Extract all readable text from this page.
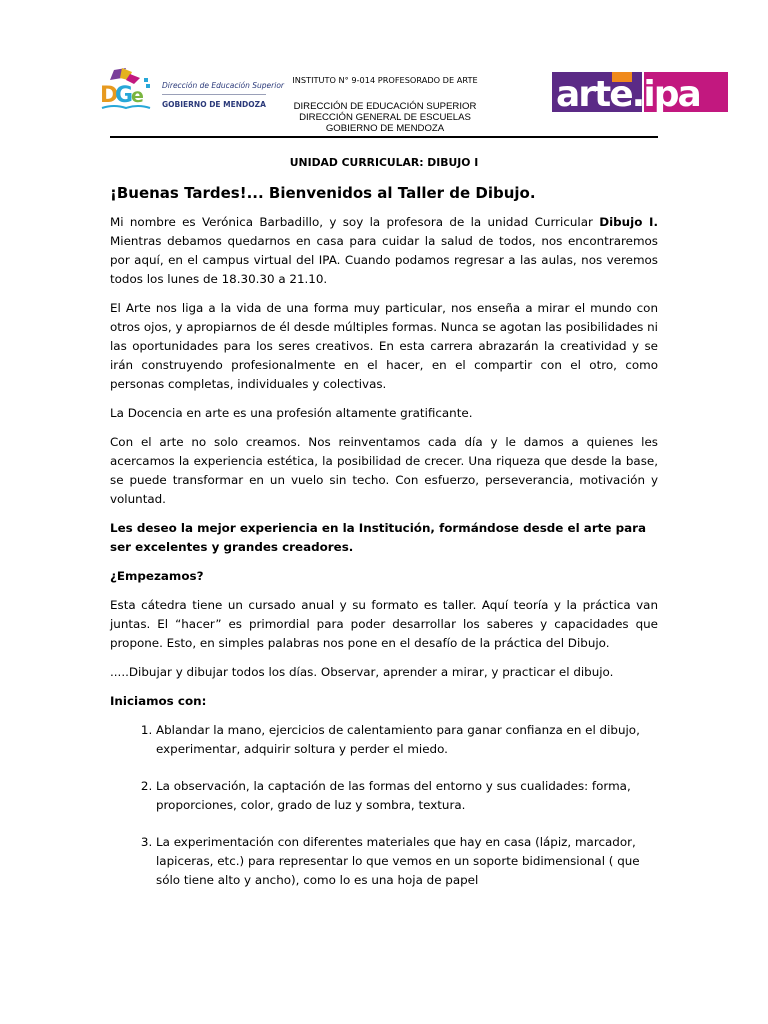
D
G
e Dirección de Educación Superior
GOBIERNO DE MENDOZA
INSTITUTO N° 9-014 PROFESORADO DE ARTE
DIRECCIÓN DE EDUCACIÓN SUPERIOR
DIRECCIÓN GENERAL DE ESCUELAS
GOBIERNO DE MENDOZA
arte.ipa

UNIDAD CURRICULAR: DIBUJO I

¡Buenas Tardes!... Bienvenidos al Taller de Dibujo.

Mi nombre es Verónica Barbadillo, y soy la profesora de la unidad Curricular Dibujo I. Mientras debamos quedarnos en casa para cuidar la salud de todos, nos encontraremos por aquí, en el campus virtual del IPA. Cuando podamos regresar a las aulas, nos veremos todos los lunes de 18.30.30 a 21.10.

El Arte nos liga a la vida de una forma muy particular, nos enseña a mirar el mundo con otros ojos, y apropiarnos de él desde múltiples formas. Nunca se agotan las posibilidades ni las oportunidades para los seres creativos. En esta carrera abrazarán la creatividad y se irán construyendo profesionalmente en el hacer, en el compartir con el otro, como personas completas, individuales y colectivas.

La Docencia en arte es una profesión altamente gratificante.

Con el arte no solo creamos. Nos reinventamos cada día y le damos a quienes les acercamos la experiencia estética, la posibilidad de crecer. Una riqueza que desde la base, se puede transformar en un vuelo sin techo. Con esfuerzo, perseverancia, motivación y voluntad.

Les deseo la mejor experiencia en la Institución, formándose desde el arte para ser excelentes y grandes creadores.

¿Empezamos?

Esta cátedra tiene un cursado anual y su formato es taller. Aquí teoría y la práctica van juntas. El “hacer” es primordial para poder desarrollar los saberes y capacidades que propone. Esto, en simples palabras nos pone en el desafío de la práctica del Dibujo.

.....Dibujar y dibujar todos los días. Observar, aprender a mirar, y practicar el dibujo.

Iniciamos con:

1. Ablandar la mano, ejercicios de calentamiento para ganar confianza en el dibujo, experimentar, adquirir soltura y perder el miedo.
2. La observación, la captación de las formas del entorno y sus cualidades: forma, proporciones, color, grado de luz y sombra, textura.
3. La experimentación con diferentes materiales que hay en casa (lápiz, marcador, lapiceras, etc.) para representar lo que vemos en un soporte bidimensional ( que sólo tiene alto y ancho), como lo es una hoja de papel
